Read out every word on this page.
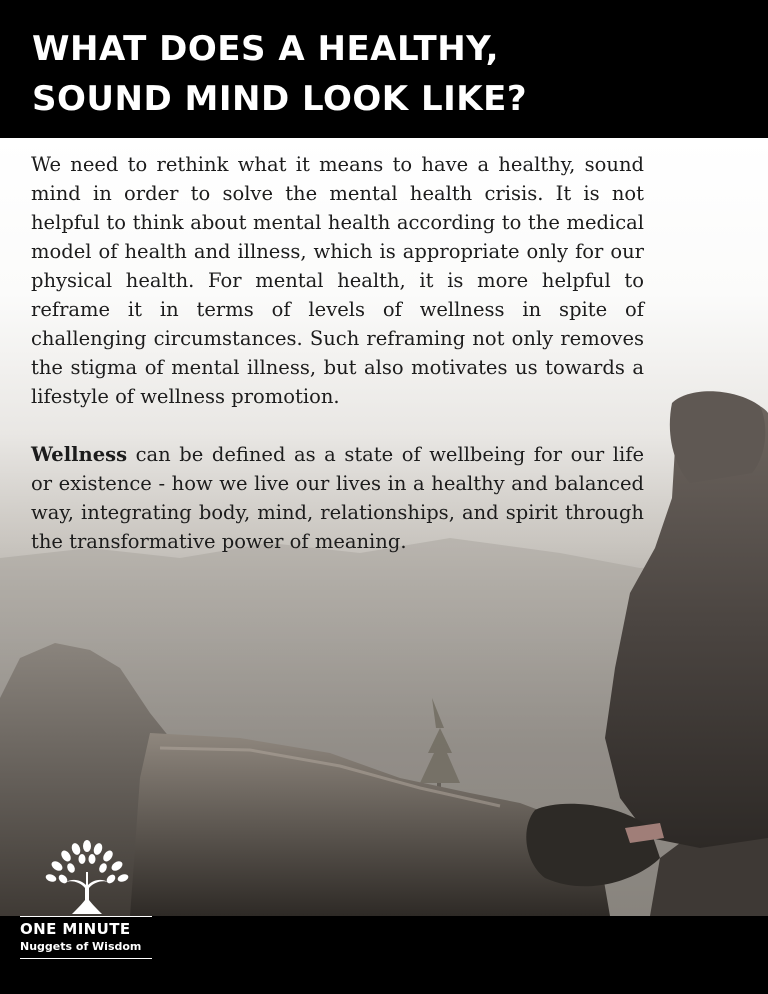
WHAT DOES A HEALTHY,
SOUND MIND LOOK LIKE?

We need to rethink what it means to have a healthy, sound mind in order to solve the mental health crisis. It is not helpful to think about mental health according to the medical model of health and illness, which is appropriate only for our physical health. For mental health, it is more helpful to reframe it in terms of levels of wellness in spite of challenging circumstances. Such reframing not only removes the stigma of mental illness, but also motivates us towards a lifestyle of wellness promotion.

Wellness can be defined as a state of wellbeing for our life or existence - how we live our lives in a healthy and balanced way, integrating body, mind, relationships, and spirit through the transformative power of meaning.

ONE MINUTE
Nuggets of Wisdom
